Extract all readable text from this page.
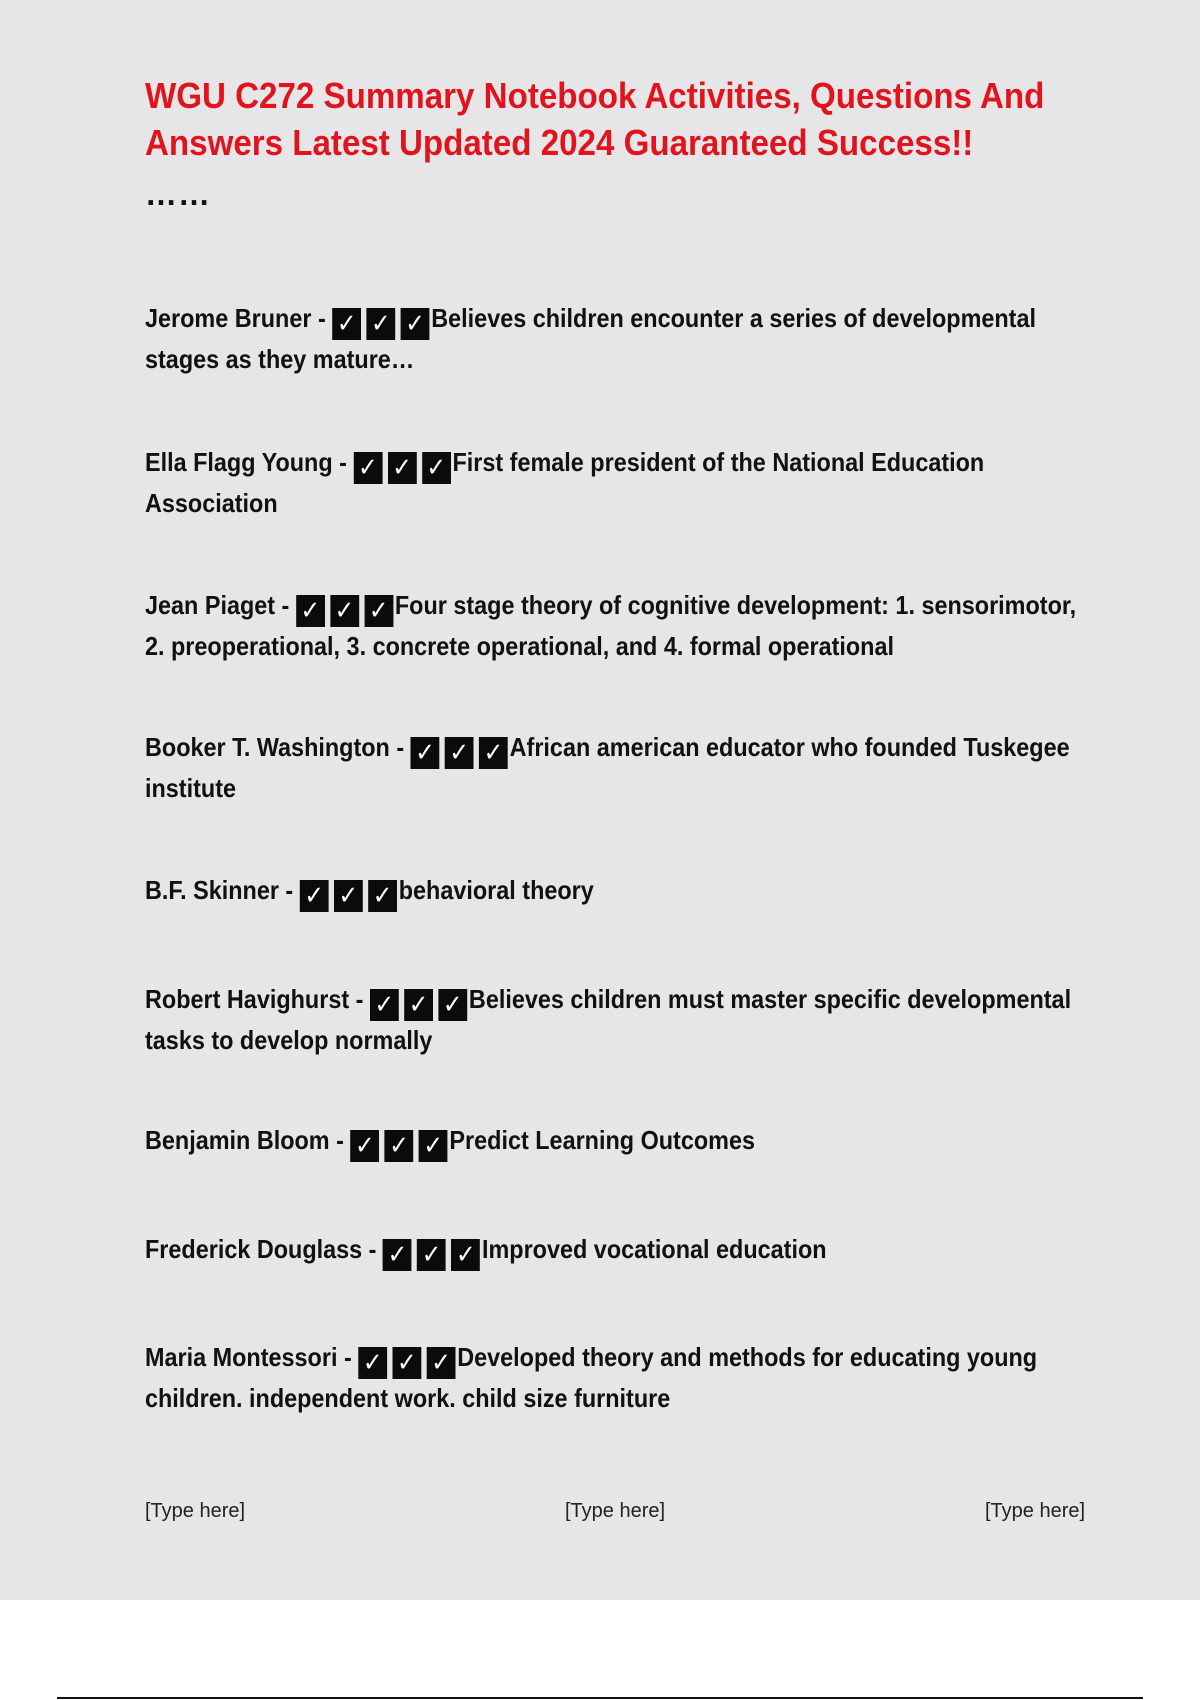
WGU C272 Summary Notebook Activities, Questions And
Answers Latest Updated 2024 Guaranteed Success!!
……
Jerome Bruner - ✓ ✓ ✓ Believes children encounter a series of developmental
stages as they mature…
Ella Flagg Young - ✓ ✓ ✓ First female president of the National Education
Association
Jean Piaget - ✓ ✓ ✓ Four stage theory of cognitive development: 1. sensorimotor,
2. preoperational, 3. concrete operational, and 4. formal operational
Booker T. Washington - ✓ ✓ ✓ African american educator who founded Tuskegee
institute
B.F. Skinner - ✓ ✓ ✓ behavioral theory
Robert Havighurst - ✓ ✓ ✓ Believes children must master specific developmental
tasks to develop normally
Benjamin Bloom - ✓ ✓ ✓ Predict Learning Outcomes
Frederick Douglass - ✓ ✓ ✓ Improved vocational education
Maria Montessori - ✓ ✓ ✓ Developed theory and methods for educating young
children. independent work. child size furniture
[Type here]	[Type here]	[Type here]
